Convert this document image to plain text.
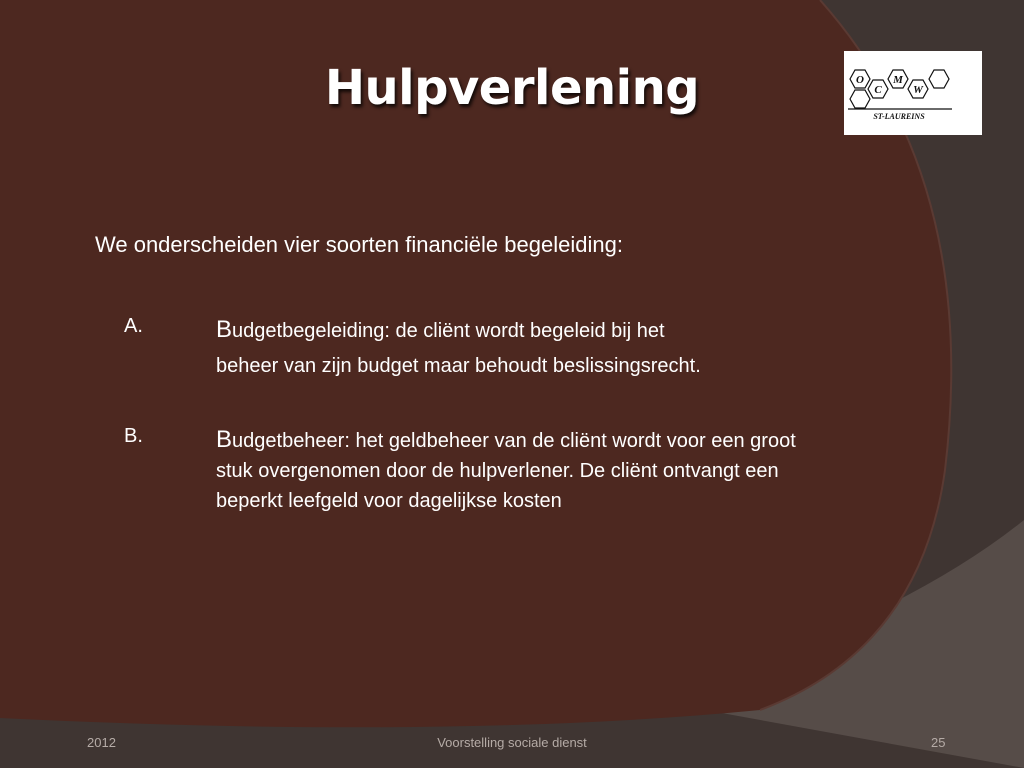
Hulpverlening	O
C
M
W
ST-LAUREINS
We onderscheiden vier soorten financiële begeleiding:
A.	Budgetbegeleiding: de cliënt wordt begeleid bij het
beheer van zijn budget maar behoudt beslissingsrecht.
B.	Budgetbeheer: het geldbeheer van de cliënt wordt voor een groot
stuk overgenomen door de hulpverlener. De cliënt ontvangt een
beperkt leefgeld voor dagelijkse kosten
2012	Voorstelling sociale dienst	25
